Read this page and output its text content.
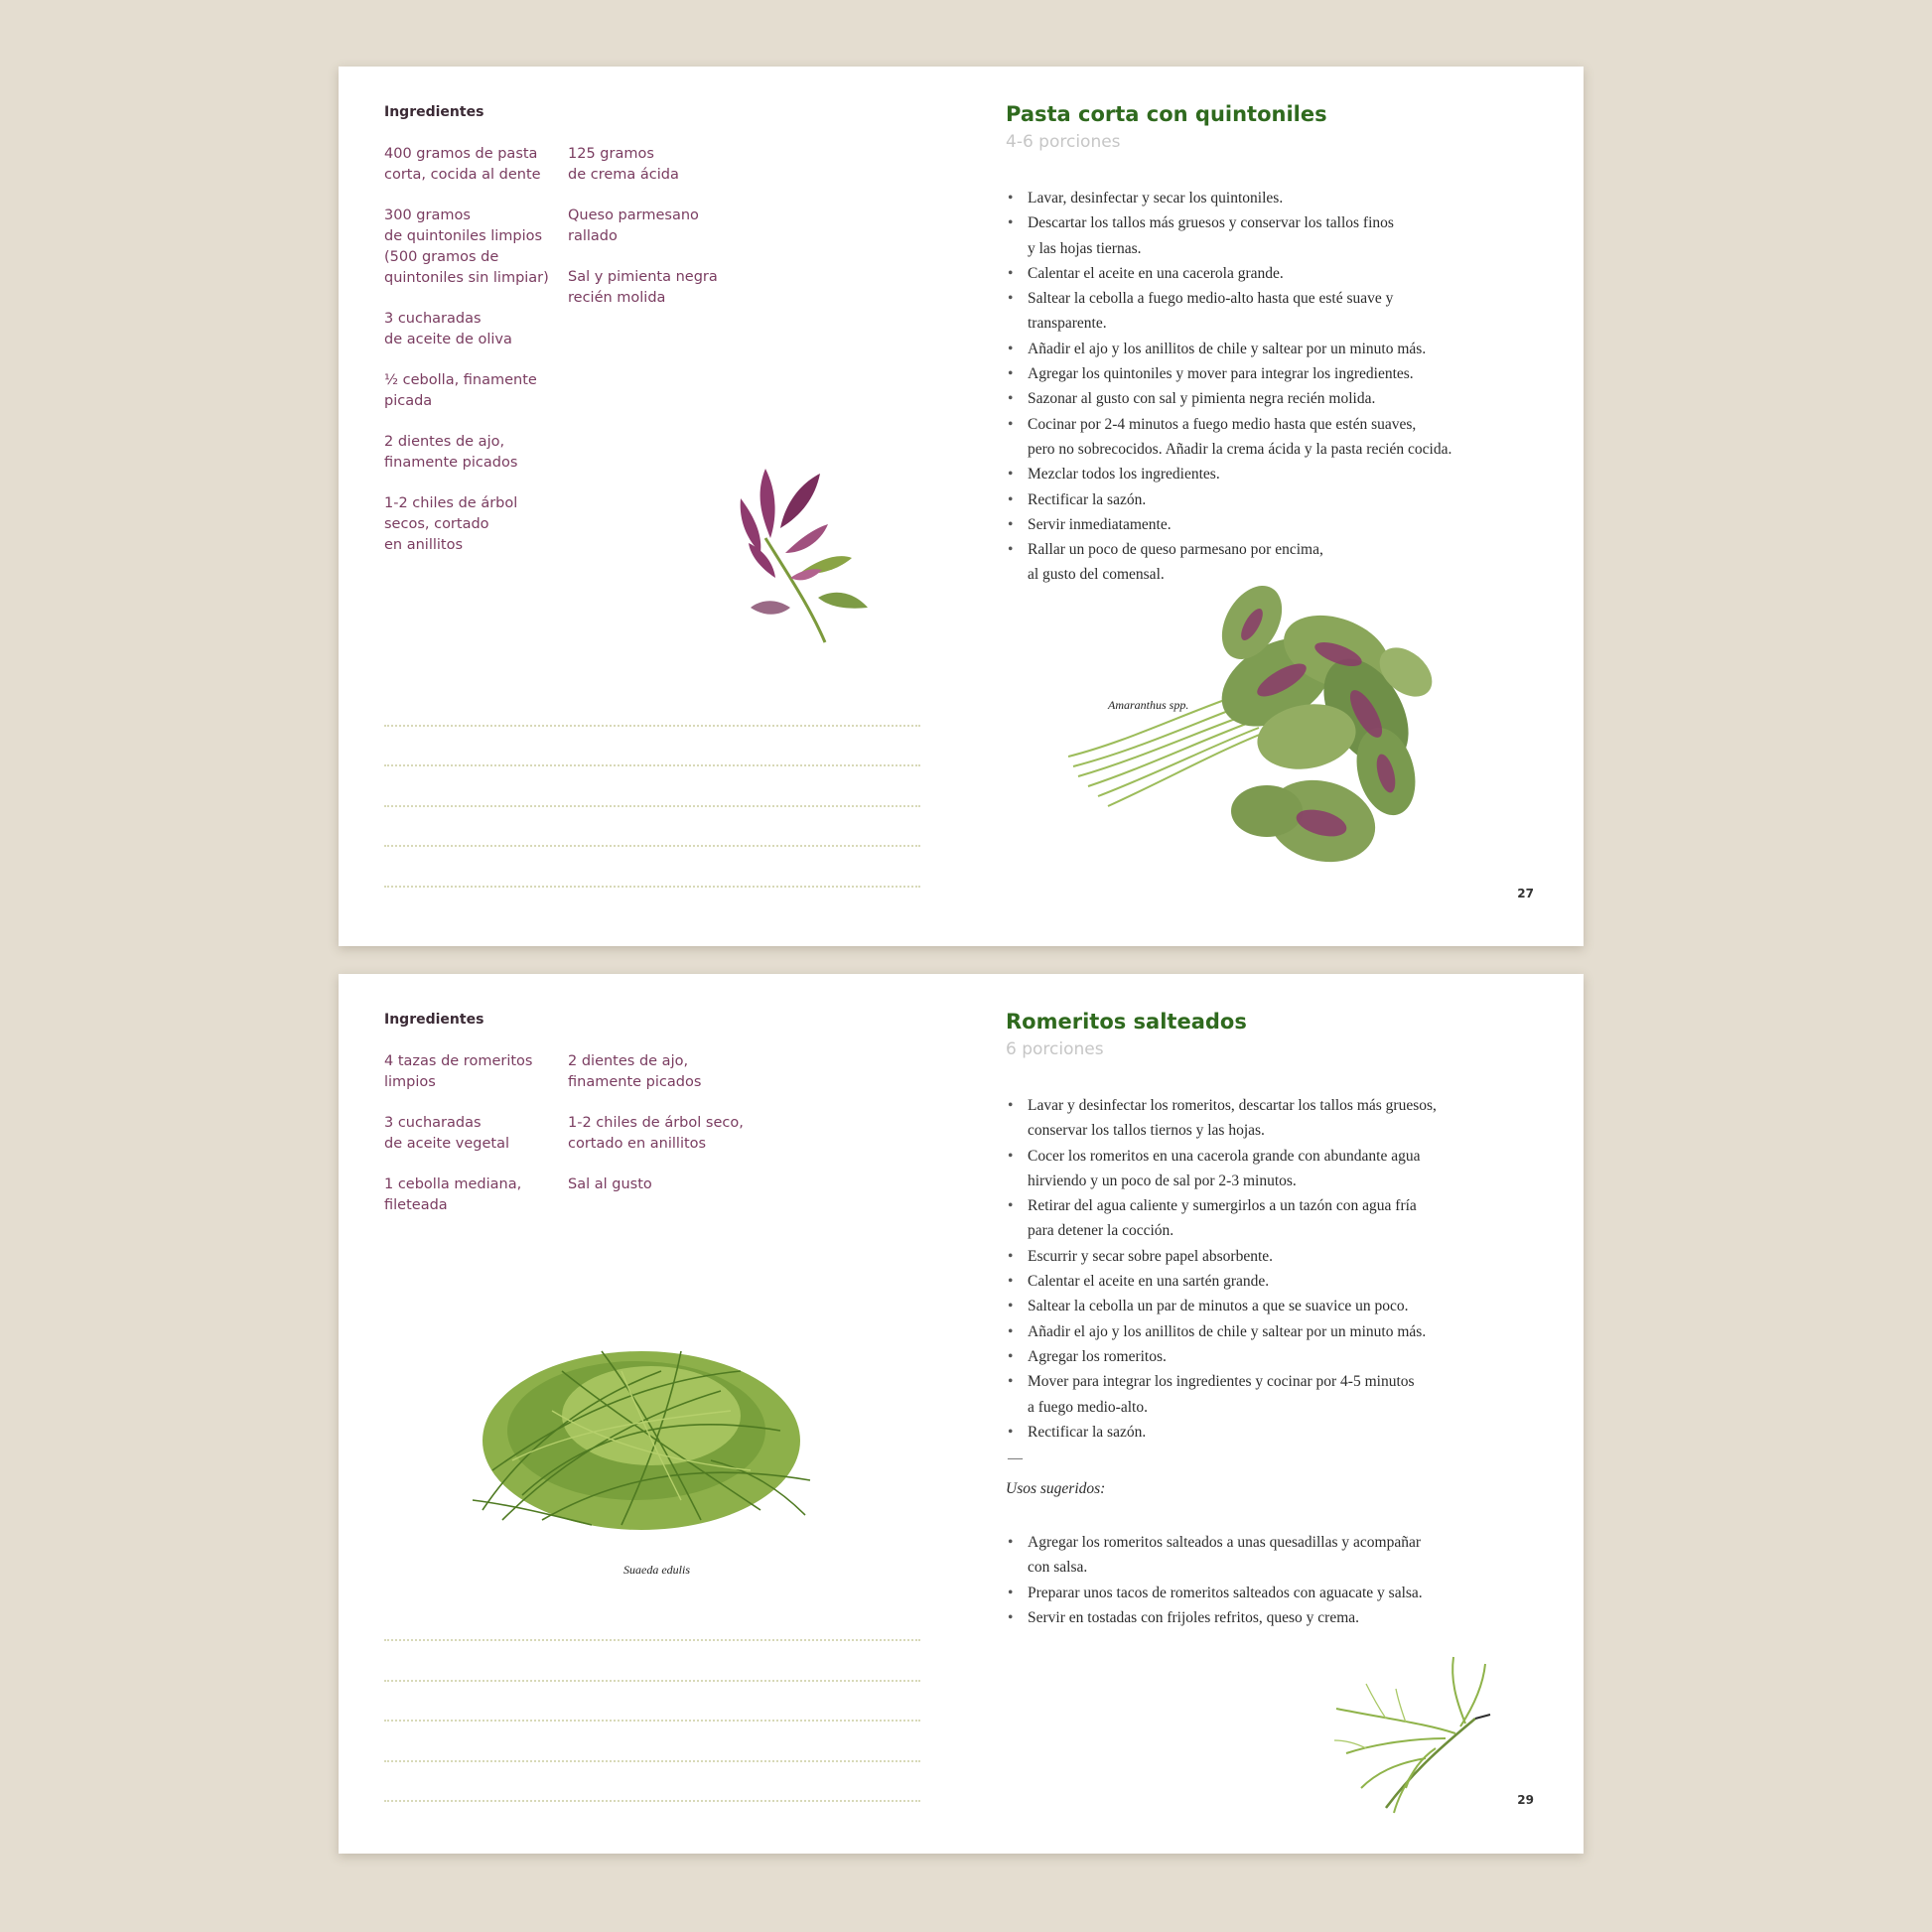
Ingredientes
400 gramos de pasta
corta, cocida al dente
300 gramos
de quintoniles limpios
(500 gramos de
quintoniles sin limpiar)
3 cucharadas
de aceite de oliva
½ cebolla, finamente
picada
2 dientes de ajo,
finamente picados
1-2 chiles de árbol
secos, cortado
en anillitos
125 gramos
de crema ácida
Queso parmesano
rallado
Sal y pimienta negra
recién molida
Pasta corta con quintoniles
4-6 porciones
• Lavar, desinfectar y secar los quintoniles.
• Descartar los tallos más gruesos y conservar los tallos finos
y las hojas tiernas.
• Calentar el aceite en una cacerola grande.
• Saltear la cebolla a fuego medio-alto hasta que esté suave y
transparente.
• Añadir el ajo y los anillitos de chile y saltear por un minuto más.
• Agregar los quintoniles y mover para integrar los ingredientes.
• Sazonar al gusto con sal y pimienta negra recién molida.
• Cocinar por 2-4 minutos a fuego medio hasta que estén suaves,
pero no sobrecocidos. Añadir la crema ácida y la pasta recién cocida.
• Mezclar todos los ingredientes.
• Rectificar la sazón.
• Servir inmediatamente.
• Rallar un poco de queso parmesano por encima,
al gusto del comensal.
Amaranthus spp.
27
Ingredientes
4 tazas de romeritos
limpios
3 cucharadas
de aceite vegetal
1 cebolla mediana,
fileteada
2 dientes de ajo,
finamente picados
1-2 chiles de árbol seco,
cortado en anillitos
Sal al gusto
Suaeda edulis
Romeritos salteados
6 porciones
• Lavar y desinfectar los romeritos, descartar los tallos más gruesos,
conservar los tallos tiernos y las hojas.
• Cocer los romeritos en una cacerola grande con abundante agua
hirviendo y un poco de sal por 2-3 minutos.
• Retirar del agua caliente y sumergirlos a un tazón con agua fría
para detener la cocción.
• Escurrir y secar sobre papel absorbente.
• Calentar el aceite en una sartén grande.
• Saltear la cebolla un par de minutos a que se suavice un poco.
• Añadir el ajo y los anillitos de chile y saltear por un minuto más.
• Agregar los romeritos.
• Mover para integrar los ingredientes y cocinar por 4-5 minutos
a fuego medio-alto.
• Rectificar la sazón.
—
Usos sugeridos:
• Agregar los romeritos salteados a unas quesadillas y acompañar
con salsa.
• Preparar unos tacos de romeritos salteados con aguacate y salsa.
• Servir en tostadas con frijoles refritos, queso y crema.
29
